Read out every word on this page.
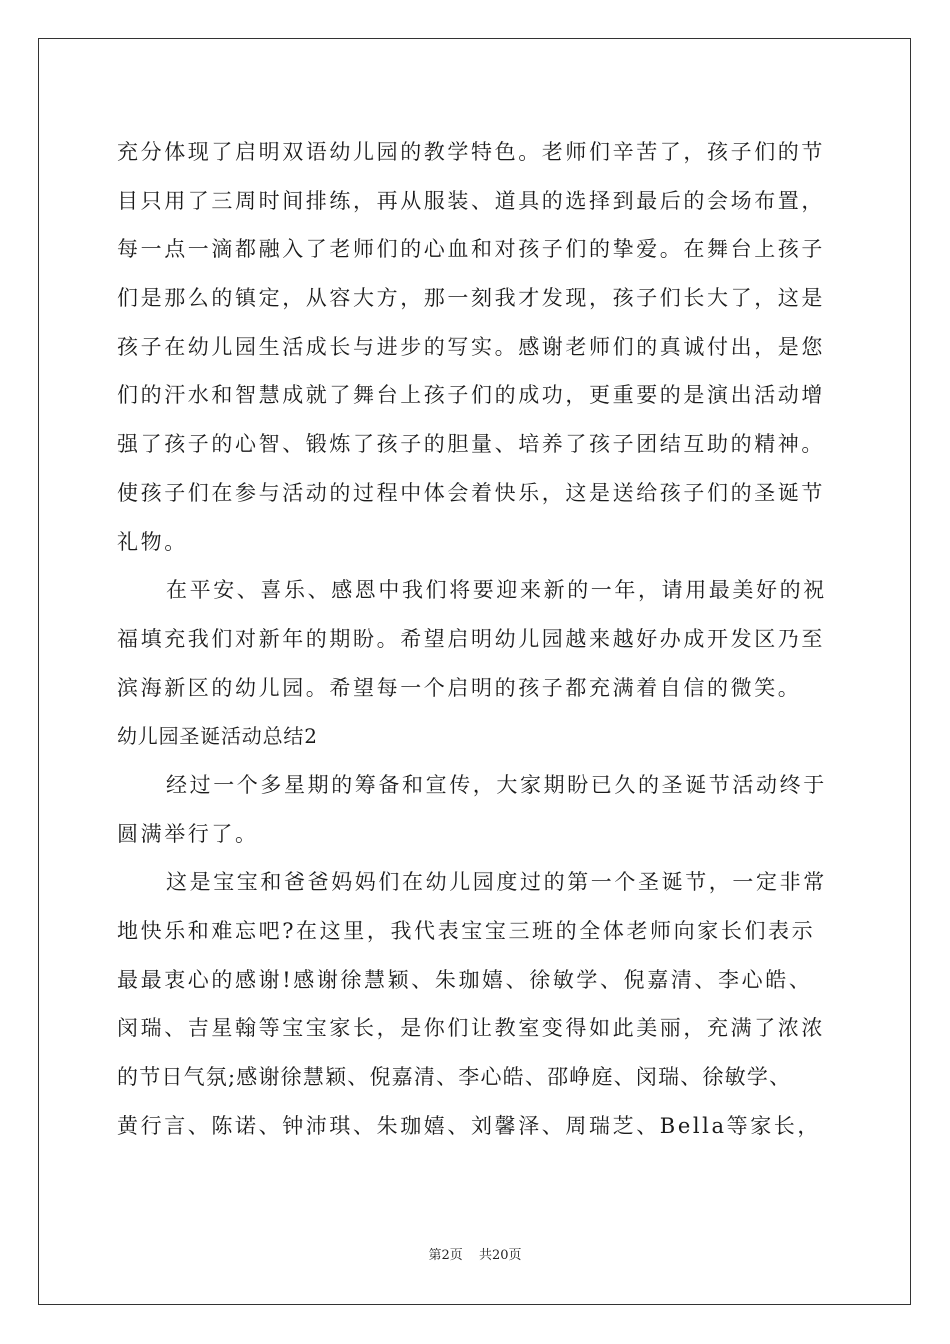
充分体现了启明双语幼儿园的教学特色。老师们辛苦了，孩子们的节
目只用了三周时间排练，再从服装、道具的选择到最后的会场布置，
每一点一滴都融入了老师们的心血和对孩子们的挚爱。在舞台上孩子
们是那么的镇定，从容大方，那一刻我才发现，孩子们长大了，这是
孩子在幼儿园生活成长与进步的写实。感谢老师们的真诚付出，是您
们的汗水和智慧成就了舞台上孩子们的成功，更重要的是演出活动增
强了孩子的心智、锻炼了孩子的胆量、培养了孩子团结互助的精神。
使孩子们在参与活动的过程中体会着快乐，这是送给孩子们的圣诞节
礼物。
在平安、喜乐、感恩中我们将要迎来新的一年，请用最美好的祝
福填充我们对新年的期盼。希望启明幼儿园越来越好办成开发区乃至
滨海新区的幼儿园。希望每一个启明的孩子都充满着自信的微笑。
幼儿园圣诞活动总结2
经过一个多星期的筹备和宣传，大家期盼已久的圣诞节活动终于
圆满举行了。
这是宝宝和爸爸妈妈们在幼儿园度过的第一个圣诞节，一定非常
地快乐和难忘吧?在这里，我代表宝宝三班的全体老师向家长们表示
最最衷心的感谢!感谢徐慧颖、朱珈嬉、徐敏学、倪嘉清、李心皓、
闵瑞、吉星翰等宝宝家长，是你们让教室变得如此美丽，充满了浓浓
的节日气氛;感谢徐慧颖、倪嘉清、李心皓、邵峥庭、闵瑞、徐敏学、
黄行言、陈诺、钟沛琪、朱珈嬉、刘馨泽、周瑞芝、Bella等家长，
第2页 共20页
